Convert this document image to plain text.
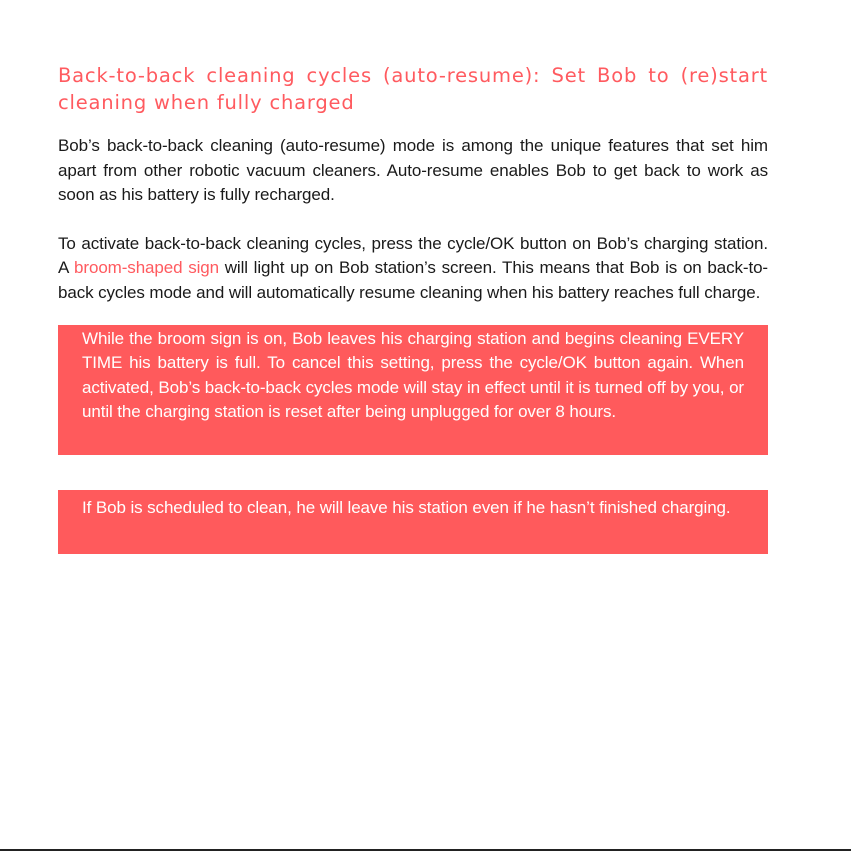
Back-to-back cleaning cycles (auto-resume): Set Bob to (re)start cleaning when fully charged

Bob’s back-to-back cleaning (auto-resume) mode is among the unique features that set him apart from other robotic vacuum cleaners. Auto-resume enables Bob to get back to work as soon as his battery is fully recharged.

To activate back-to-back cleaning cycles, press the cycle/OK button on Bob’s charging station. A broom-shaped sign will light up on Bob station’s screen. This means that Bob is on back-to-back cycles mode and will automatically resume cleaning when his battery reaches full charge.

While the broom sign is on, Bob leaves his charging station and begins cleaning EVERY TIME his battery is full. To cancel this setting, press the cycle/OK button again. When activated, Bob’s back-to-back cycles mode will stay in effect until it is turned off by you, or until the charging station is reset after being unplugged for over 8 hours.
If Bob is scheduled to clean, he will leave his station even if he hasn’t finished charging.
